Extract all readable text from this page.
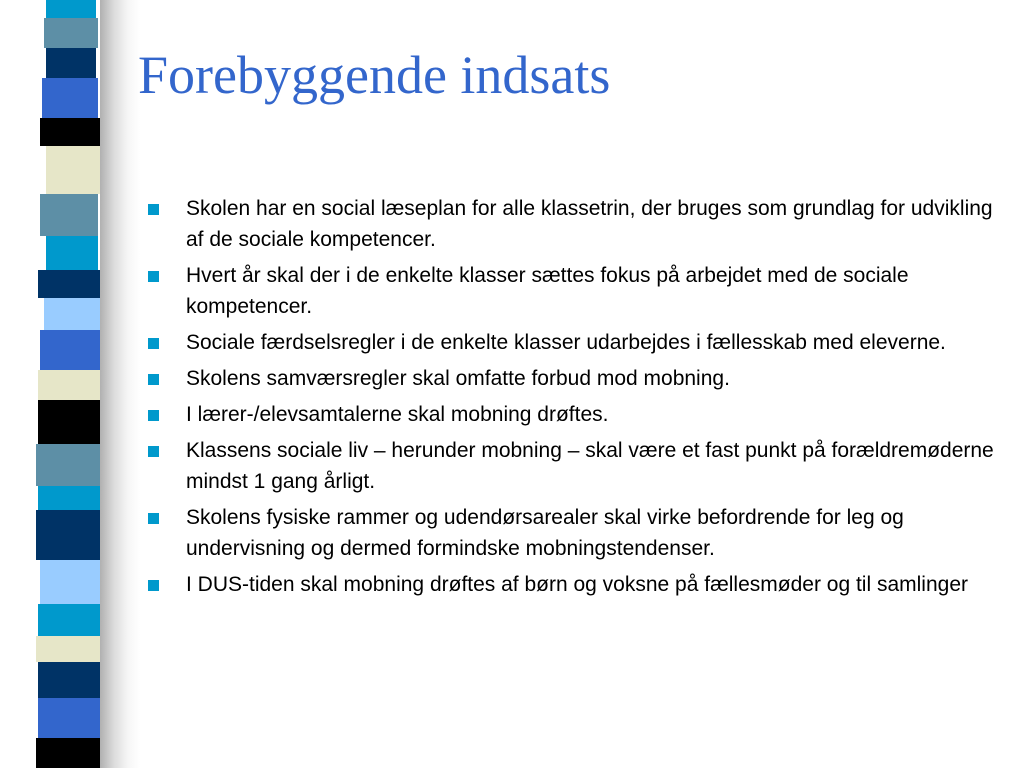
Forebyggende indsats
Skolen har en social læseplan for alle klassetrin, der bruges som grundlag for udvikling af de sociale kompetencer.
Hvert år skal der i de enkelte klasser sættes fokus på arbejdet med de sociale kompetencer.
Sociale færdselsregler i de enkelte klasser udarbejdes i fællesskab med eleverne.
Skolens samværsregler skal omfatte forbud mod mobning.
I lærer-/elevsamtalerne skal mobning drøftes.
Klassens sociale liv – herunder mobning – skal være et fast punkt på forældremøderne mindst 1 gang årligt.
Skolens fysiske rammer og udendørsarealer skal virke befordrende for leg og undervisning og dermed formindske mobningstendenser.
I DUS-tiden skal mobning drøftes af børn og voksne på fællesmøder og til samlinger
